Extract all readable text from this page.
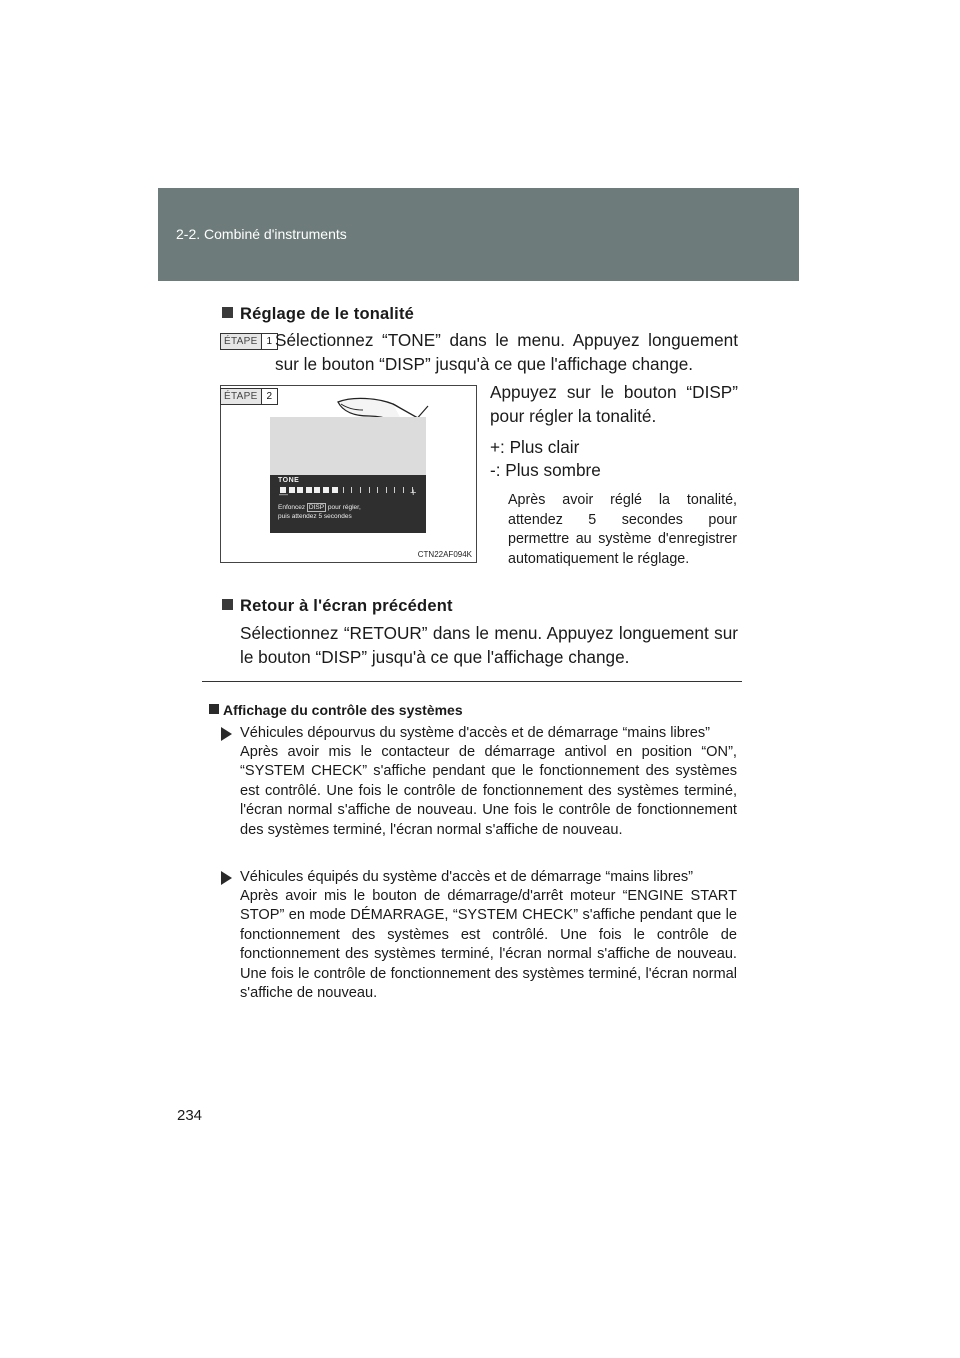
2-2. Combiné d'instruments
Réglage de le tonalité
ÉTAPE 1 Sélectionnez “TONE” dans le menu. Appuyez longuement sur le bouton “DISP” jusqu'à ce que l'affichage change.
ÉTAPE 2
TONE
—	+
Enfoncez DISP pour régler,
puis attendez 5 secondes
CTN22AF094K
Appuyez sur le bouton “DISP” pour régler la tonalité.
+: Plus clair
-: Plus sombre
Après avoir réglé la tonalité, attendez 5 secondes pour permettre au système d'enregistrer automatiquement le réglage.
Retour à l'écran précédent
Sélectionnez “RETOUR” dans le menu. Appuyez longuement sur le bouton “DISP” jusqu'à ce que l'affichage change.
Affichage du contrôle des systèmes
Véhicules dépourvus du système d'accès et de démarrage “mains libres”
Après avoir mis le contacteur de démarrage antivol en position “ON”, “SYSTEM CHECK” s'affiche pendant que le fonctionnement des systèmes est contrôlé. Une fois le contrôle de fonctionnement des systèmes terminé, l'écran normal s'affiche de nouveau. Une fois le contrôle de fonctionnement des systèmes terminé, l'écran normal s'affiche de nouveau.
Véhicules équipés du système d'accès et de démarrage “mains libres”
Après avoir mis le bouton de démarrage/d'arrêt moteur “ENGINE START STOP” en mode DÉMARRAGE, “SYSTEM CHECK” s'affiche pendant que le fonctionnement des systèmes est contrôlé. Une fois le contrôle de fonctionnement des systèmes terminé, l'écran normal s'affiche de nouveau. Une fois le contrôle de fonctionnement des systèmes terminé, l'écran normal s'affiche de nouveau.
234
